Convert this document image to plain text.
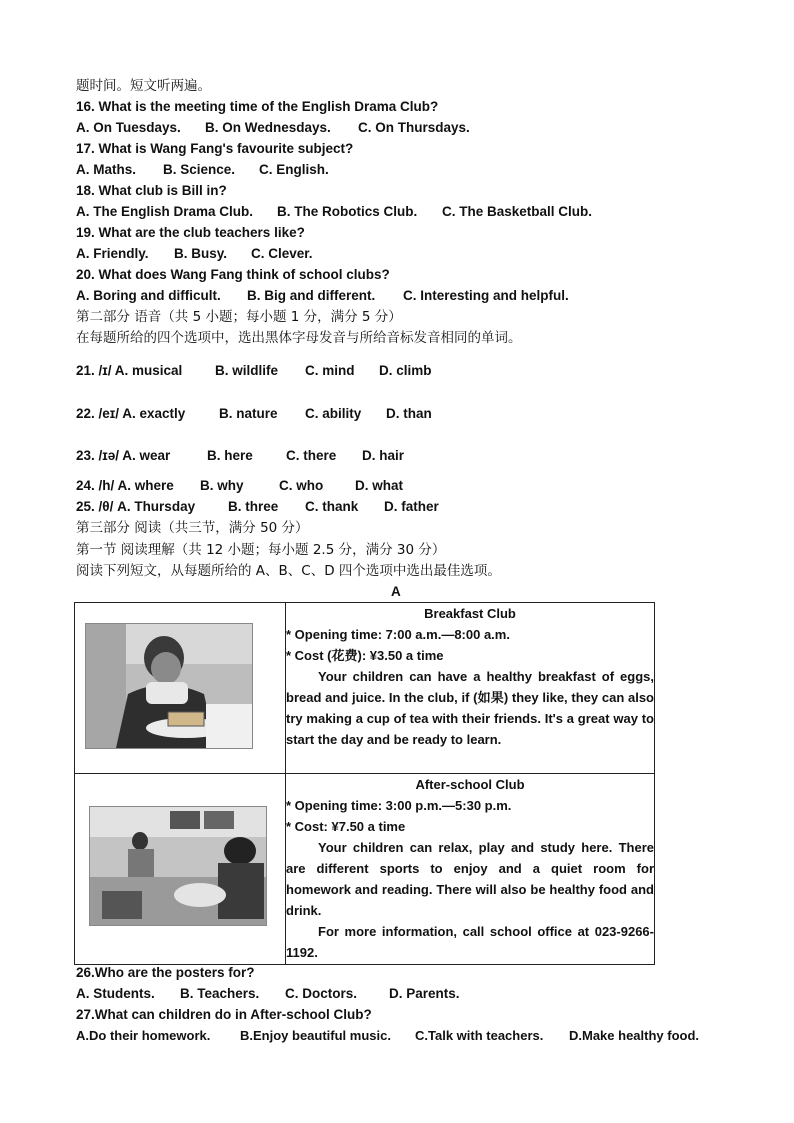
题时间。短文听两遍。
16. What is the meeting time of the English Drama Club?
A. On Tuesdays. B. On Wednesdays. C. On Thursdays.
17. What is Wang Fang's favourite subject?
A. Maths. B. Science. C. English.
18. What club is Bill in?
A. The English Drama Club. B. The Robotics Club. C. The Basketball Club.
19. What are the club teachers like?
A. Friendly. B. Busy. C. Clever.
20. What does Wang Fang think of school clubs?
A. Boring and difficult. B. Big and different. C. Interesting and helpful.
第二部分 语音（共 5 小题；每小题 1 分，满分 5 分）
在每题所给的四个选项中，选出黑体字母发音与所给音标发音相同的单词。
21. /ɪ/ A. musical B. wildlife C. mind D. climb
22. /eɪ/ A. exactly B. nature C. ability D. than
23. /ɪə/ A. wear	B. here C. there D. hair
24. /h/ A. where B. why	C. who D. what
25. /θ/ A. Thursday B. three C. thank D. father
第三部分 阅读（共三节，满分 50 分）
第一节 阅读理解（共 12 小题；每小题 2.5 分，满分 30 分）
阅读下列短文，从每题所给的 A、B、C、D 四个选项中选出最佳选项。
A

Breakfast Club
* Opening time: 7:00 a.m.—8:00 a.m.
* Cost (花费): ¥3.50 a time
Your children can have a healthy breakfast of eggs, bread and juice. In the club, if (如果) they like, they can also try making a cup of tea with their friends. It's a great way to start the day and be ready to learn.

After-school Club
* Opening time: 3:00 p.m.—5:30 p.m.
* Cost: ¥7.50 a time
Your children can relax, play and study here. There are different sports to enjoy and a quiet room for homework and reading. There will also be healthy food and drink.
For more information, call school office at 023-9266-1192.
26.Who are the posters for?
A. Students. B. Teachers. C. Doctors. D. Parents.
27.What can children do in After-school Club?
A.Do their homework. B.Enjoy beautiful music. C.Talk with teachers. D.Make healthy food.
